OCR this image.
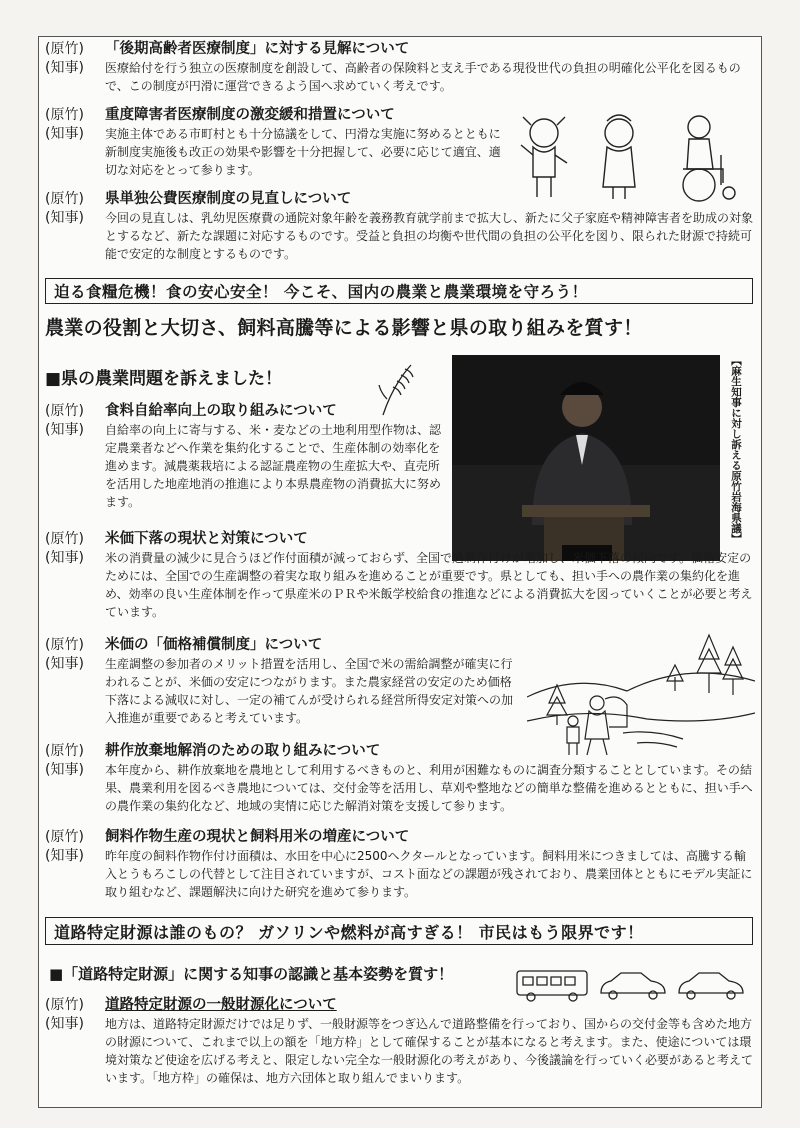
(原竹)	「後期高齢者医療制度」に対する見解について
(知事)	医療給付を行う独立の医療制度を創設して、高齢者の保険料と支え手である現役世代の負担の明確化公平化を図るもので、この制度が円滑に運営できるよう国へ求めていく考えです。
(原竹)	重度障害者医療制度の激変緩和措置について
(知事)	実施主体である市町村とも十分協議をして、円滑な実施に努めるとともに新制度実施後も改正の効果や影響を十分把握して、必要に応じて適宜、適切な対応をとって参ります。
(原竹)	県単独公費医療制度の見直しについて
(知事)	今回の見直しは、乳幼児医療費の通院対象年齢を義務教育就学前まで拡大し、新たに父子家庭や精神障害者を助成の対象とするなど、新たな課題に対応するものです。受益と負担の均衡や世代間の負担の公平化を図り、限られた財源で持続可能で安定的な制度とするものです。
迫る食糧危機！食の安心安全！ 今こそ、国内の農業と農業環境を守ろう！
農業の役割と大切さ、飼料高騰等による影響と県の取り組みを質す！
■県の農業問題を訴えました！	【麻生知事に対し訴える原竹岩海県議】
(原竹)	食料自給率向上の取り組みについて
(知事)	自給率の向上に寄与する、米・麦などの土地利用型作物は、認定農業者などへ作業を集約化することで、生産体制の効率化を進めます。減農薬栽培による認証農産物の生産拡大や、直売所を活用した地産地消の推進により本県農産物の消費拡大に努めます。
(原竹)	米価下落の現状と対策について
(知事)	米の消費量の減少に見合うほど作付面積が減っておらず、全国で過剰作付けが増加し、米価下落の傾向です。価格安定のためには、全国での生産調整の着実な取り組みを進めることが重要です。県としても、担い手への農作業の集約化を進め、効率の良い生産体制を作って県産米のＰＲや米飯学校給食の推進などによる消費拡大を図っていくことが必要と考えています。
(原竹)	米価の「価格補償制度」について
(知事)	生産調整の参加者のメリット措置を活用し、全国で米の需給調整が確実に行われることが、米価の安定につながります。また農家経営の安定のため価格下落による減収に対し、一定の補てんが受けられる経営所得安定対策への加入推進が重要であると考えています。
(原竹)	耕作放棄地解消のための取り組みについて
(知事)	本年度から、耕作放棄地を農地として利用するべきものと、利用が困難なものに調査分類することとしています。その結果、農業利用を図るべき農地については、交付金等を活用し、草刈や整地などの簡単な整備を進めるとともに、担い手への農作業の集約化など、地域の実情に応じた解消対策を支援して参ります。
(原竹)	飼料作物生産の現状と飼料用米の増産について
(知事)	昨年度の飼料作物作付け面積は、水田を中心に2500ヘクタールとなっています。飼料用米につきましては、高騰する輸入とうもろこしの代替として注目されていますが、コスト面などの課題が残されており、農業団体とともにモデル実証に取り組むなど、課題解決に向けた研究を進めて参ります。
道路特定財源は誰のもの？ ガソリンや燃料が高すぎる！ 市民はもう限界です！
■「道路特定財源」に関する知事の認識と基本姿勢を質す！
(原竹)	道路特定財源の一般財源化について
(知事)	地方は、道路特定財源だけでは足りず、一般財源等をつぎ込んで道路整備を行っており、国からの交付金等も含めた地方の財源について、これまで以上の額を「地方枠」として確保することが基本になると考えます。また、使途については環境対策など使途を広げる考えと、限定しない完全な一般財源化の考えがあり、今後議論を行っていく必要があると考えています。「地方枠」の確保は、地方六団体と取り組んでまいります。
